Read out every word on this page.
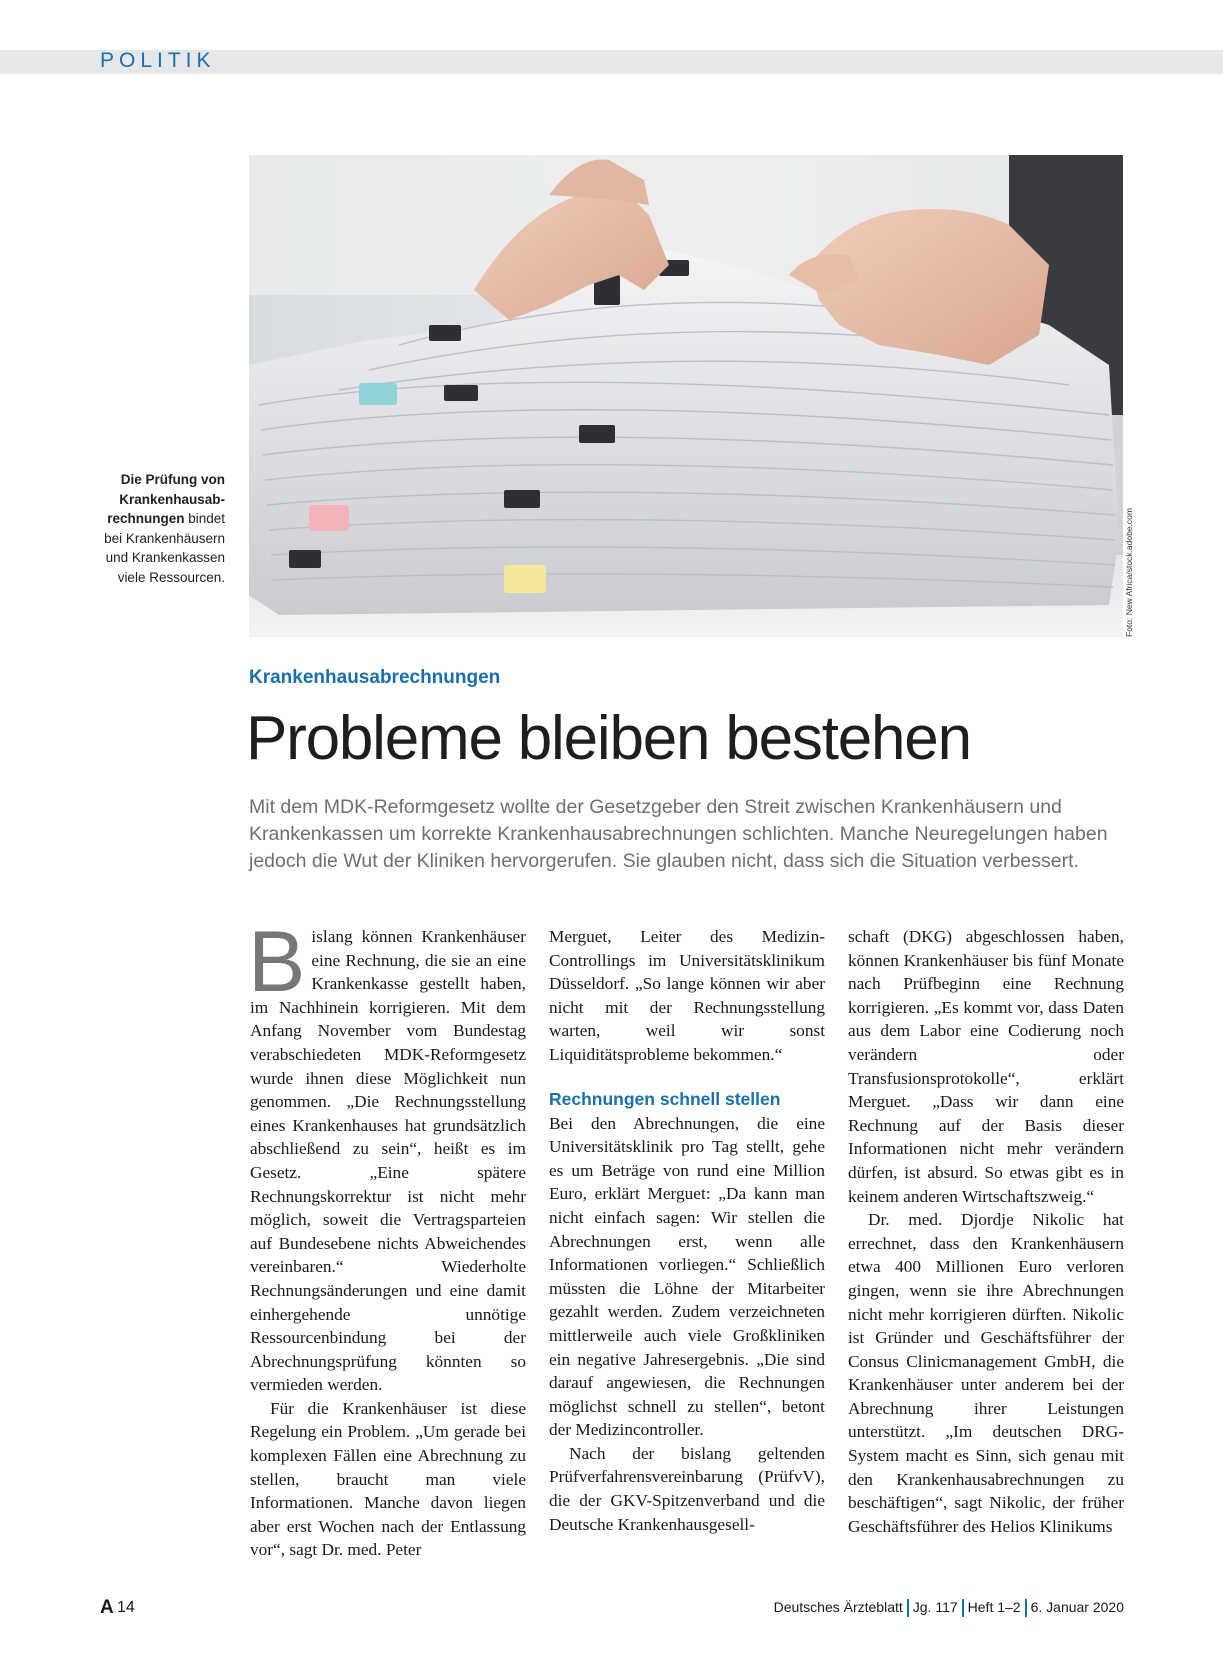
POLITIK
Foto: New Africa/stock.adobe.com
Die Prüfung von Krankenhausab- rechnungen bindet bei Krankenhäusern und Krankenkassen viele Ressourcen.
Krankenhausabrechnungen
Probleme bleiben bestehen
Mit dem MDK-Reformgesetz wollte der Gesetzgeber den Streit zwischen Krankenhäusern und Krankenkassen um korrekte Krankenhausabrechnungen schlichten. Manche Neuregelungen haben jedoch die Wut der Kliniken hervorgerufen. Sie glauben nicht, dass sich die Situation verbessert.

Bislang können Krankenhäuser eine Rechnung, die sie an eine Krankenkasse gestellt haben, im Nachhinein korrigieren. Mit dem Anfang November vom Bundestag verabschiedeten MDK-Reformgesetz wurde ihnen diese Möglichkeit nun genommen. „Die Rechnungsstellung eines Krankenhauses hat grundsätzlich abschließend zu sein“, heißt es im Gesetz. „Eine spätere Rechnungskorrektur ist nicht mehr möglich, soweit die Vertragsparteien auf Bundesebene nichts Abweichendes vereinbaren.“ Wiederholte Rechnungsänderungen und eine damit einhergehende unnötige Ressourcenbindung bei der Abrechnungsprüfung könnten so vermieden werden.

Für die Krankenhäuser ist diese Regelung ein Problem. „Um gerade bei komplexen Fällen eine Abrechnung zu stellen, braucht man viele Informationen. Manche davon liegen aber erst Wochen nach der Entlassung vor“, sagt Dr. med. Peter

Merguet, Leiter des Medizin-Controllings im Universitätsklinikum Düsseldorf. „So lange können wir aber nicht mit der Rechnungsstellung warten, weil wir sonst Liquiditätsprobleme bekommen.“

Rechnungen schnell stellen

Bei den Abrechnungen, die eine Universitätsklinik pro Tag stellt, gehe es um Beträge von rund eine Million Euro, erklärt Merguet: „Da kann man nicht einfach sagen: Wir stellen die Abrechnungen erst, wenn alle Informationen vorliegen.“ Schließlich müssten die Löhne der Mitarbeiter gezahlt werden. Zudem verzeichneten mittlerweile auch viele Großkliniken ein negative Jahresergebnis. „Die sind darauf angewiesen, die Rechnungen möglichst schnell zu stellen“, betont der Medizincontroller.

Nach der bislang geltenden Prüfverfahrensvereinbarung (PrüfvV), die der GKV-Spitzenverband und die Deutsche Krankenhausgesell-

schaft (DKG) abgeschlossen haben, können Krankenhäuser bis fünf Monate nach Prüfbeginn eine Rechnung korrigieren. „Es kommt vor, dass Daten aus dem Labor eine Codierung noch verändern oder Transfusionsprotokolle“, erklärt Merguet. „Dass wir dann eine Rechnung auf der Basis dieser Informationen nicht mehr verändern dürfen, ist absurd. So etwas gibt es in keinem anderen Wirtschaftszweig.“

Dr. med. Djordje Nikolic hat errechnet, dass den Krankenhäusern etwa 400 Millionen Euro verloren gingen, wenn sie ihre Abrechnungen nicht mehr korrigieren dürften. Nikolic ist Gründer und Geschäftsführer der Consus Clinicmanagement GmbH, die Krankenhäuser unter anderem bei der Abrechnung ihrer Leistungen unterstützt. „Im deutschen DRG-System macht es Sinn, sich genau mit den Krankenhausabrechnungen zu beschäftigen“, sagt Nikolic, der früher Geschäftsführer des Helios Klinikums

A 14	Deutsches Ärzteblatt Jg. 117 Heft 1–2 6. Januar 2020
